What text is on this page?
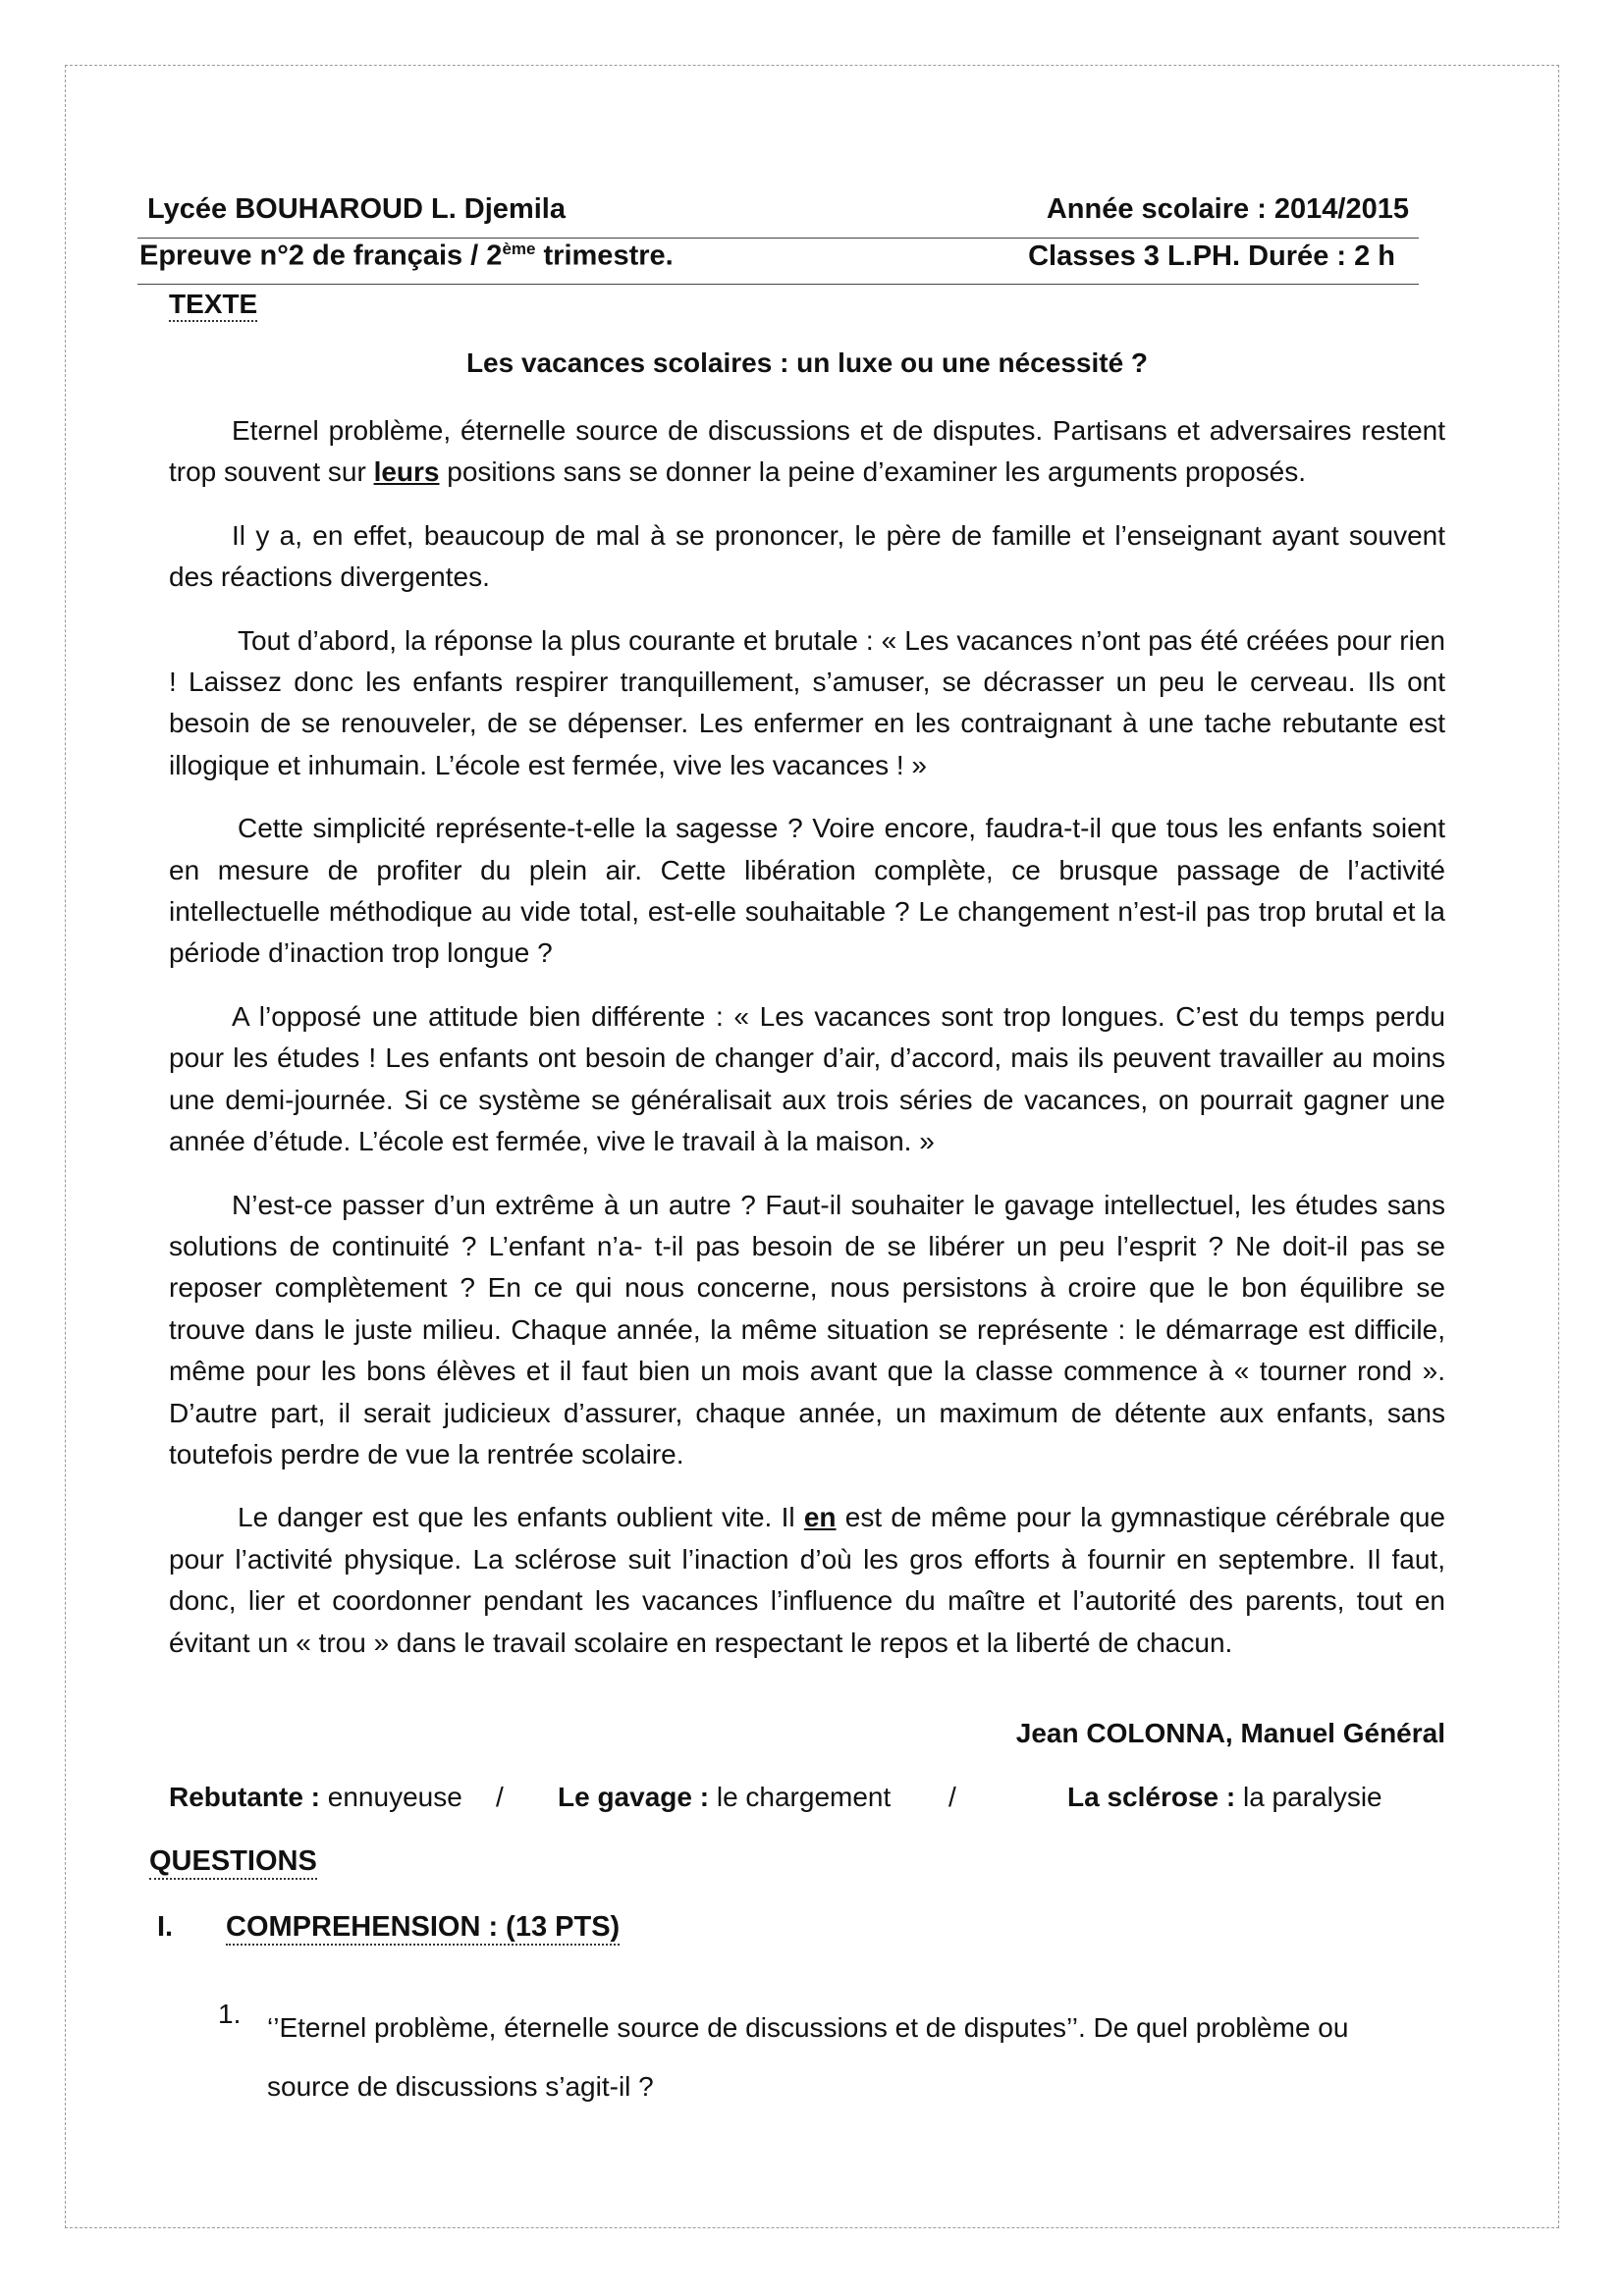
Lycée BOUHAROUD L. Djemila	Année scolaire : 2014/2015
Epreuve n°2 de français / 2ème trimestre.	Classes 3 L.PH. Durée : 2 h
TEXTE
Les vacances scolaires : un luxe ou une nécessité ?

Eternel problème, éternelle source de discussions et de disputes. Partisans et adversaires restent trop souvent sur leurs positions sans se donner la peine d’examiner les arguments proposés.

Il y a, en effet, beaucoup de mal à se prononcer, le père de famille et l’enseignant ayant souvent des réactions divergentes.

Tout d’abord, la réponse la plus courante et brutale : « Les vacances n’ont pas été créées pour rien ! Laissez donc les enfants respirer tranquillement, s’amuser, se décrasser un peu le cerveau. Ils ont besoin de se renouveler, de se dépenser. Les enfermer en les contraignant à une tache rebutante est illogique et inhumain. L’école est fermée, vive les vacances ! »

Cette simplicité représente-t-elle la sagesse ? Voire encore, faudra-t-il que tous les enfants soient en mesure de profiter du plein air. Cette libération complète, ce brusque passage de l’activité intellectuelle méthodique au vide total, est-elle souhaitable ? Le changement n’est-il pas trop brutal et la période d’inaction trop longue ?

A l’opposé une attitude bien différente : « Les vacances sont trop longues. C’est du temps perdu pour les études ! Les enfants ont besoin de changer d’air, d’accord, mais ils peuvent travailler au moins une demi-journée. Si ce système se généralisait aux trois séries de vacances, on pourrait gagner une année d’étude. L’école est fermée, vive le travail à la maison. »

N’est-ce passer d’un extrême à un autre ? Faut-il souhaiter le gavage intellectuel, les études sans solutions de continuité ? L’enfant n’a- t-il pas besoin de se libérer un peu l’esprit ? Ne doit-il pas se reposer complètement ? En ce qui nous concerne, nous persistons à croire que le bon équilibre se trouve dans le juste milieu. Chaque année, la même situation se représente : le démarrage est difficile, même pour les bons élèves et il faut bien un mois avant que la classe commence à « tourner rond ». D’autre part, il serait judicieux d’assurer, chaque année, un maximum de détente aux enfants, sans toutefois perdre de vue la rentrée scolaire.

Le danger est que les enfants oublient vite. Il en est de même pour la gymnastique cérébrale que pour l’activité physique. La sclérose suit l’inaction d’où les gros efforts à fournir en septembre. Il faut, donc, lier et coordonner pendant les vacances l’influence du maître et l’autorité des parents, tout en évitant un « trou » dans le travail scolaire en respectant le repos et la liberté de chacun.

Jean COLONNA, Manuel Général
Rebutante : ennuyeuse / Le gavage : le chargement /	La sclérose : la paralysie
QUESTIONS
I. COMPREHENSION : (13 PTS)
1. ‘’Eternel problème, éternelle source de discussions et de disputes’’. De quel problème ou source de discussions s’agit-il ?
